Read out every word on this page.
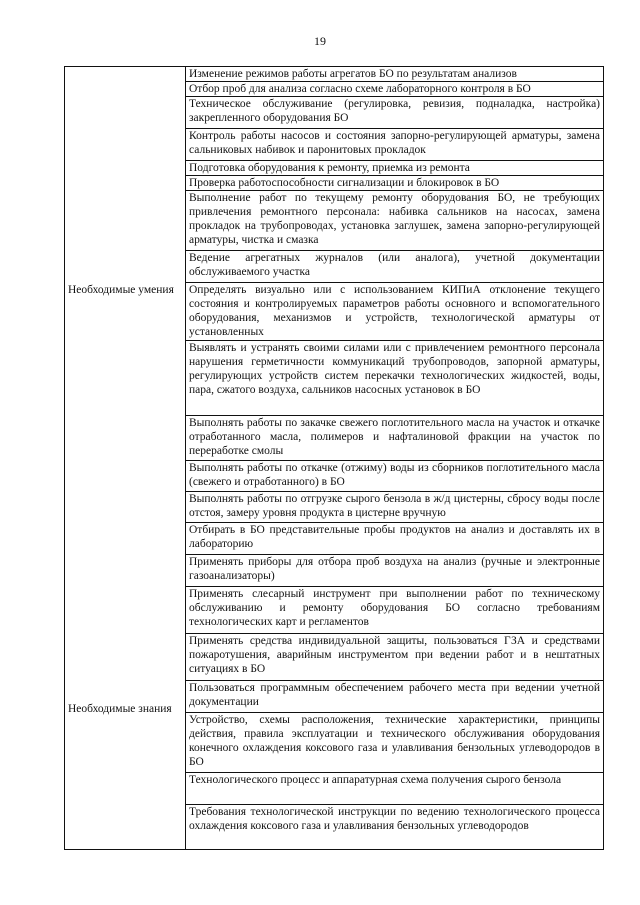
19
Необходимые умения
Необходимые знания
Изменение режимов работы агрегатов БО по результатам анализов
Отбор проб для анализа согласно схеме лабораторного контроля в БО
Техническое обслуживание (регулировка, ревизия, подналадка, настройка) закрепленного оборудования БО
Контроль работы насосов и состояния запорно-регулирующей арматуры, замена сальниковых набивок и паронитовых прокладок
Подготовка оборудования к ремонту, приемка из ремонта
Проверка работоспособности сигнализации и блокировок в БО
Выполнение работ по текущему ремонту оборудования БО, не требующих привлечения ремонтного персонала: набивка сальников на насосах, замена прокладок на трубопроводах, установка заглушек, замена запорно-регулирующей арматуры, чистка и смазка
Ведение агрегатных журналов (или аналога), учетной документации обслуживаемого участка
Определять визуально или с использованием КИПиА отклонение текущего состояния и контролируемых параметров работы основного и вспомогательного оборудования, механизмов и устройств, технологической арматуры от установленных
Выявлять и устранять своими силами или с привлечением ремонтного персонала нарушения герметичности коммуникаций трубопроводов, запорной арматуры, регулирующих устройств систем перекачки технологических жидкостей, воды, пара, сжатого воздуха, сальников насосных установок в БО
Выполнять работы по закачке свежего поглотительного масла на участок и откачке отработанного масла, полимеров и нафталиновой фракции на участок по переработке смолы
Выполнять работы по откачке (отжиму) воды из сборников поглотительного масла (свежего и отработанного) в БО
Выполнять работы по отгрузке сырого бензола в ж/д цистерны, сбросу воды после отстоя, замеру уровня продукта в цистерне вручную
Отбирать в БО представительные пробы продуктов на анализ и доставлять их в лабораторию
Применять приборы для отбора проб воздуха на анализ (ручные и электронные газоанализаторы)
Применять слесарный инструмент при выполнении работ по техническому обслуживанию и ремонту оборудования БО согласно требованиям технологических карт и регламентов
Применять средства индивидуальной защиты, пользоваться ГЗА и средствами пожаротушения, аварийным инструментом при ведении работ и в нештатных ситуациях в БО
Пользоваться программным обеспечением рабочего места при ведении учетной документации
Устройство, схемы расположения, технические характеристики, принципы действия, правила эксплуатации и технического обслуживания оборудования конечного охлаждения коксового газа и улавливания бензольных углеводородов в БО
Технологического процесс и аппаратурная схема получения сырого бензола
Требования технологической инструкции по ведению технологического процесса охлаждения коксового газа и улавливания бензольных углеводородов
